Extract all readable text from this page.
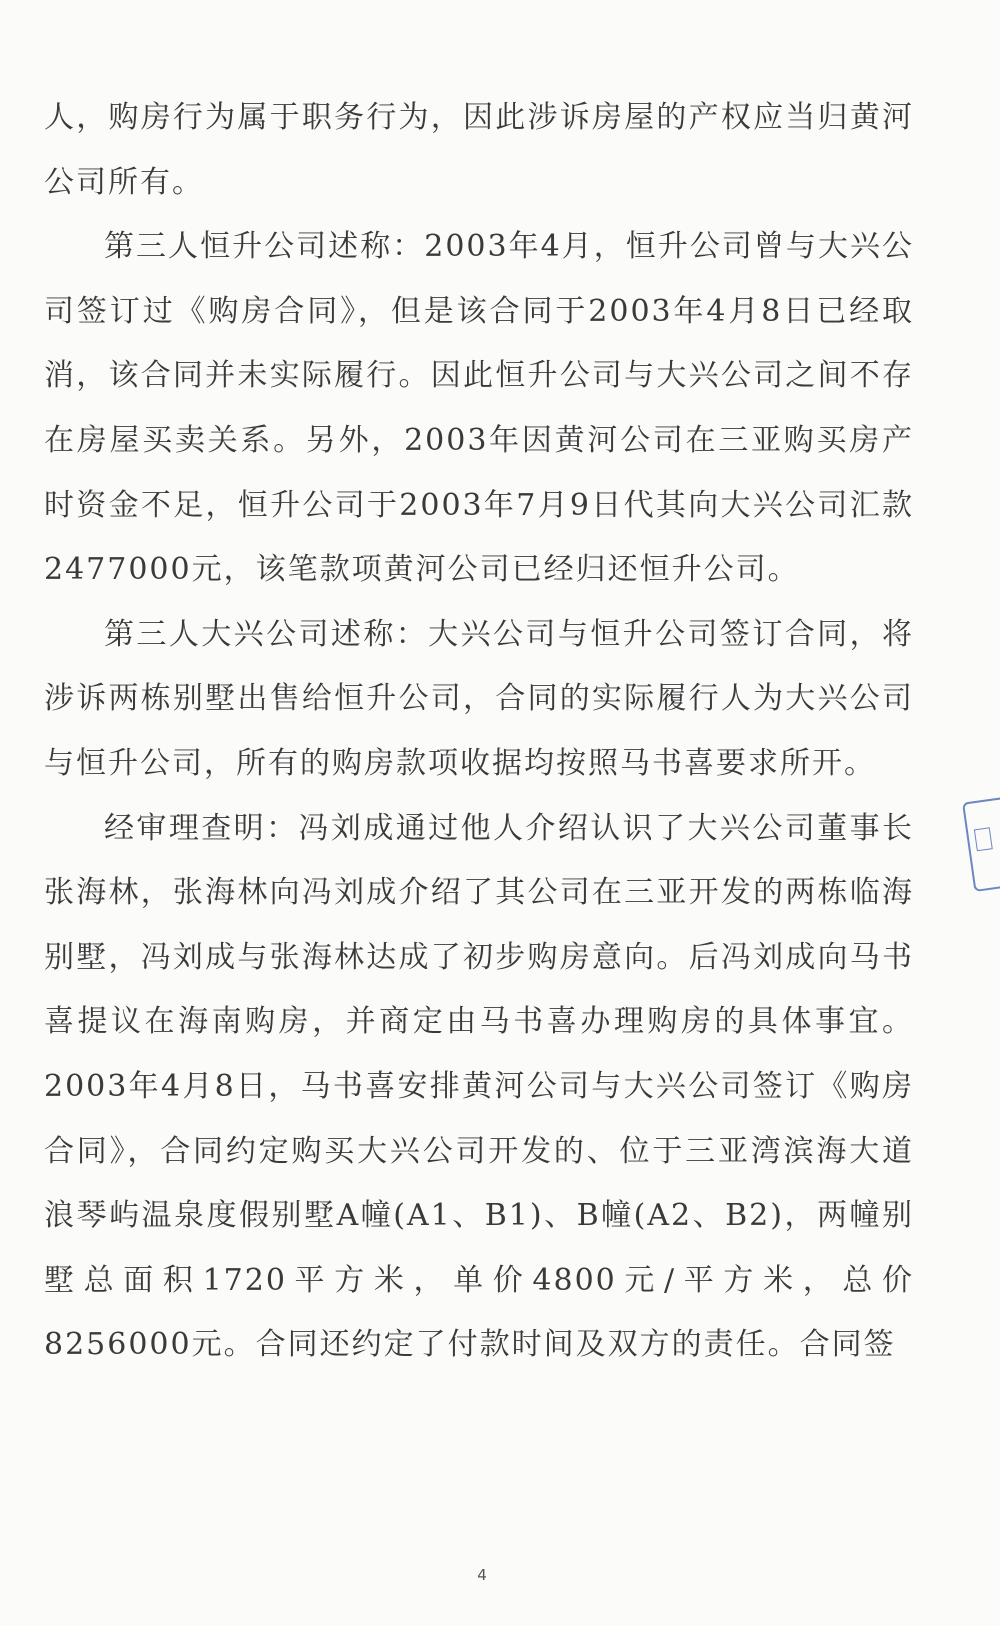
人，购房行为属于职务行为，因此涉诉房屋的产权应当归黄河公司所有。

第三人恒升公司述称：2003年4月，恒升公司曾与大兴公司签订过《购房合同》，但是该合同于2003年4月8日已经取消，该合同并未实际履行。因此恒升公司与大兴公司之间不存在房屋买卖关系。另外，2003年因黄河公司在三亚购买房产时资金不足，恒升公司于2003年7月9日代其向大兴公司汇款2477000元，该笔款项黄河公司已经归还恒升公司。

第三人大兴公司述称：大兴公司与恒升公司签订合同，将涉诉两栋别墅出售给恒升公司，合同的实际履行人为大兴公司与恒升公司，所有的购房款项收据均按照马书喜要求所开。

经审理查明：冯刘成通过他人介绍认识了大兴公司董事长张海林，张海林向冯刘成介绍了其公司在三亚开发的两栋临海别墅，冯刘成与张海林达成了初步购房意向。后冯刘成向马书喜提议在海南购房，并商定由马书喜办理购房的具体事宜。2003年4月8日，马书喜安排黄河公司与大兴公司签订《购房合同》，合同约定购买大兴公司开发的、位于三亚湾滨海大道浪琴屿温泉度假别墅A幢(A1、B1)、B幢(A2、B2)，两幢别墅总面积1720平方米，单价4800元/平方米，总价8256000元。合同还约定了付款时间及双方的责任。合同签

4
